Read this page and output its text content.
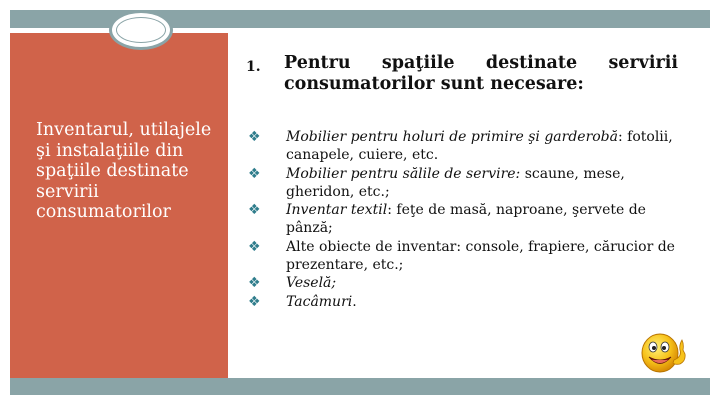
Inventarul, utilajele şi instalaţiile din spaţiile destinate servirii consumatorilor
1. Pentru spaţiile destinate servirii
consumatorilor sunt necesare:
❖ Mobilier pentru holuri de primire şi garderobă: fotolii, canapele, cuiere, etc.
❖ Mobilier pentru sălile de servire: scaune, mese, gheridon, etc.;
❖ Inventar textil: feţe de masă, naproane, şervete de pânză;
❖ Alte obiecte de inventar: console, frapiere, cărucior de prezentare, etc.;
❖ Veselă;
❖ Tacâmuri.
